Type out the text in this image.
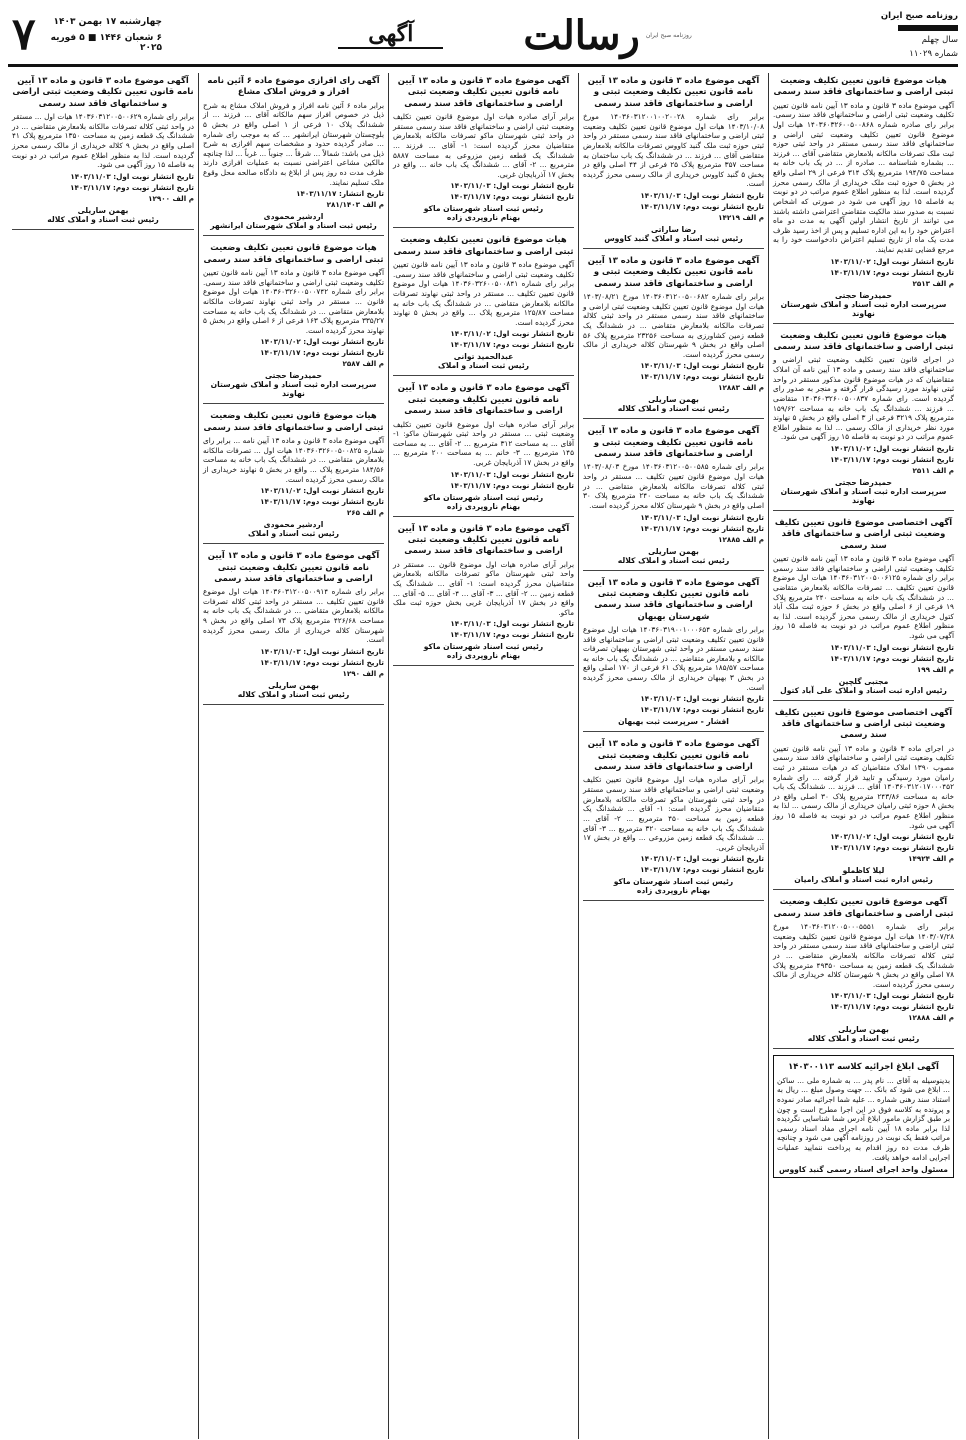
۷	چهارشنبه ۱۷ بهمن ۱۴۰۳
۶ شعبان ۱۴۴۶ ■ ۵ فوریه ۲۰۲۵
آگهی	رسالت روزنامه صبح ایران
روزنامه صبح ایران
سال چهلم
شماره ۱۱۰۲۹
هیات موضوع قانون تعیین تکلیف وضعیت ثبتی اراضی و ساختمانهای فاقد سند رسمی
آگهی موضوع ماده ۳ قانون و ماده ۱۳ آیین نامه قانون تعیین تکلیف وضعیت ثبتی اراضی و ساختمانهای فاقد سند رسمی. برابر رای صادره شماره ۱۴۰۳۶۰۳۲۶۰۰۵۰۰۸۶۸ هیات اول موضوع قانون تعیین تکلیف وضعیت ثبتی اراضی و ساختمانهای فاقد سند رسمی مستقر در واحد ثبتی حوزه ثبت ملک تصرفات مالکانه بلامعارض متقاضی آقای ... فرزند ... بشماره شناسنامه ... صادره از ... در یک باب خانه به مساحت ۱۹۴/۷۵ مترمربع پلاک ۳۱۴ فرعی از ۲۹ اصلی واقع در بخش ۵ حوزه ثبت ملک خریداری از مالک رسمی محرز گردیده است. لذا به منظور اطلاع عموم مراتب در دو نوبت به فاصله ۱۵ روز آگهی می شود در صورتی که اشخاص نسبت به صدور سند مالکیت متقاضی اعتراضی داشته باشند می توانند از تاریخ انتشار اولین آگهی به مدت دو ماه اعتراض خود را به این اداره تسلیم و پس از اخذ رسید ظرف مدت یک ماه از تاریخ تسلیم اعتراض دادخواست خود را به مرجع قضایی تقدیم نمایند.
تاریخ انتشار نوبت اول: ۱۴۰۳/۱۱/۰۲
تاریخ انتشار نوبت دوم: ۱۴۰۳/۱۱/۱۷
م الف ۲۵۱۳
حمیدرضا حجتی
سرپرست اداره ثبت اسناد و املاک شهرستان نهاوند
هیات موضوع قانون تعیین تکلیف وضعیت ثبتی اراضی و ساختمانهای فاقد سند رسمی
در اجرای قانون تعیین تکلیف وضعیت ثبتی اراضی و ساختمانهای فاقد سند رسمی و ماده ۱۳ آیین نامه آن املاک متقاضیان که در هیات موضوع قانون مذکور مستقر در واحد ثبتی نهاوند مورد رسیدگی قرار گرفته و منجر به صدور رای گردیده است. رای شماره ۱۴۰۳۶۰۳۲۶۰۰۵۰۰۸۳۷ متقاضی ... فرزند ... ششدانگ یک باب خانه به مساحت ۱۵۹/۶۲ مترمربع پلاک ۳۲۱۹ فرعی از ۳ اصلی واقع در بخش ۵ نهاوند مورد نظر خریداری از مالک رسمی ... لذا به منظور اطلاع عموم مراتب در دو نوبت به فاصله ۱۵ روز آگهی می شود.
تاریخ انتشار نوبت اول: ۱۴۰۳/۱۱/۰۲
تاریخ انتشار نوبت دوم: ۱۴۰۳/۱۱/۱۷
م الف ۲۵۱۱
حمیدرضا حجتی
سرپرست اداره ثبت اسناد و املاک شهرستان نهاوند
آگهی اختصاصی موضوع قانون تعیین تکلیف وضعیت ثبتی اراضی و ساختمانهای فاقد سند رسمی
آگهی موضوع ماده ۳ قانون و ماده ۱۳ آیین نامه قانون تعیین تکلیف وضعیت ثبتی اراضی و ساختمانهای فاقد سند رسمی برابر رای شماره ۱۴۰۳۶۰۳۱۲۰۰۵۰۰۶۱۲۵ هیات اول موضوع قانون تعیین تکلیف ... تصرفات مالکانه بلامعارض متقاضی ... در ششدانگ یک باب خانه به مساحت ۲۴۰ مترمربع پلاک ۱۹ فرعی از ۶ اصلی واقع در بخش ۶ حوزه ثبت ملک آباد کتول خریداری از مالک رسمی محرز گردیده است. لذا به منظور اطلاع عموم مراتب در دو نوبت به فاصله ۱۵ روز آگهی می شود.
تاریخ انتشار نوبت اول: ۱۴۰۳/۱۱/۰۳
تاریخ انتشار نوبت دوم: ۱۴۰۳/۱۱/۱۷
م الف ۱۹۹
مجتبی گلچین
رئیس اداره ثبت اسناد و املاک علی آباد کتول
آگهی اختصاصی موضوع قانون تعیین تکلیف وضعیت ثبتی اراضی و ساختمانهای فاقد سند رسمی
در اجرای ماده ۳ قانون و ماده ۱۳ آیین نامه قانون تعیین تکلیف وضعیت ثبتی اراضی و ساختمانهای فاقد سند رسمی مصوب ۱۳۹۰ املاک متقاضیان که در هیات مستقر در ثبت رامیان مورد رسیدگی و تایید قرار گرفته ... رای شماره ۱۴۰۳۶۰۳۱۲۰۱۷۰۰۰۴۵۲ آقای ... فرزند ... ششدانگ یک باب خانه به مساحت ۲۴۳/۸۶ مترمربع پلاک ۳۰ اصلی واقع در بخش ۸ حوزه ثبتی رامیان خریداری از مالک رسمی ... لذا به منظور اطلاع عموم مراتب در دو نوبت به فاصله ۱۵ روز آگهی می شود.
تاریخ انتشار نوبت اول: ۱۴۰۳/۱۱/۰۲
تاریخ انتشار نوبت دوم: ۱۴۰۳/۱۱/۱۷
م الف ۱۴۹۲۴
لیلا کاظملو
رئیس اداره ثبت اسناد و املاک رامیان
آگهی موضوع قانون تعیین تکلیف وضعیت ثبتی اراضی و ساختمانهای فاقد سند رسمی
برابر رای شماره ۱۴۰۳۶۰۳۱۲۰۰۵۰۰۰۵۵۵۱ مورخ ۱۴۰۳/۰۷/۲۸ هیات اول موضوع قانون تعیین تکلیف وضعیت ثبتی اراضی و ساختمانهای فاقد سند رسمی مستقر در واحد ثبتی کلاله تصرفات مالکانه بلامعارض متقاضی ... در ششدانگ یک قطعه زمین به مساحت ۴۹۳۵۰ مترمربع پلاک ۷۸ اصلی واقع در بخش ۹ شهرستان کلاله خریداری از مالک رسمی محرز گردیده است.
تاریخ انتشار نوبت اول: ۱۴۰۳/۱۱/۰۳
تاریخ انتشار نوبت دوم: ۱۴۰۳/۱۱/۱۷
م الف ۱۲۸۸۸
بهمن ساریلی
رئیس ثبت اسناد و املاک کلاله
آگهی ابلاغ اجرائیه کلاسه ۱۴۰۳۰۰۱۱۳
بدینوسیله به آقای ... نام پدر ... به شماره ملی ... ساکن ... ابلاغ می شود که بانک ... جهت وصول مبلغ ... ریال به استناد سند رهنی شماره ... علیه شما اجرائیه صادر نموده و پرونده به کلاسه فوق در این اجرا مطرح است و چون بر طبق گزارش مامور ابلاغ آدرس شما شناسایی نگردیده لذا برابر ماده ۱۸ آیین نامه اجرای مفاد اسناد رسمی مراتب فقط یک نوبت در روزنامه آگهی می شود و چنانچه ظرف مدت ده روز اقدام به پرداخت ننمایید عملیات اجرایی ادامه خواهد یافت.
مسئول واحد اجرای اسناد رسمی گنبد کاووس
آگهی موضوع ماده ۳ قانون و ماده ۱۳ آیین نامه قانون تعیین تکلیف وضعیت ثبتی و اراضی و ساختمانهای فاقد سند رسمی
برابر رای شماره ۱۴۰۳۶۰۳۱۲۰۰۱۰۰۲۰۰۲۸ مورخ ۱۴۰۳/۱۰/۰۸ هیات اول موضوع قانون تعیین تکلیف وضعیت ثبتی اراضی و ساختمانهای فاقد سند رسمی مستقر در واحد ثبتی حوزه ثبت ملک گنبد کاووس تصرفات مالکانه بلامعارض متقاضی آقای ... فرزند ... در ششدانگ یک باب ساختمان به مساحت ۳۵۷ مترمربع پلاک ۲۵ فرعی از ۴۴ اصلی واقع در بخش ۵ گنبد کاووس خریداری از مالک رسمی محرز گردیده است.
تاریخ انتشار نوبت اول: ۱۴۰۳/۱۱/۰۳
تاریخ انتشار نوبت دوم: ۱۴۰۳/۱۱/۱۷
م الف ۱۴۲۱۹
رضا ساراتی
رئیس ثبت اسناد و املاک گنبد کاووس
آگهی موضوع ماده ۳ قانون و ماده ۱۳ آیین نامه قانون تعیین تکلیف وضعیت ثبتی و اراضی و ساختمانهای فاقد سند رسمی
برابر رای شماره ۱۴۰۳۶۰۳۱۲۰۰۵۰۰۶۸۲ مورخ ۱۴۰۳/۰۸/۲۱ هیات اول موضوع قانون تعیین تکلیف وضعیت ثبتی اراضی و ساختمانهای فاقد سند رسمی مستقر در واحد ثبتی کلاله تصرفات مالکانه بلامعارض متقاضی ... در ششدانگ یک قطعه زمین کشاورزی به مساحت ۲۳۲۵۶ مترمربع پلاک ۵۶ اصلی واقع در بخش ۹ شهرستان کلاله خریداری از مالک رسمی محرز گردیده است.
تاریخ انتشار نوبت اول: ۱۴۰۳/۱۱/۰۳
تاریخ انتشار نوبت دوم: ۱۴۰۳/۱۱/۱۷
م الف ۱۲۸۸۳
بهمن ساریلی
رئیس ثبت اسناد و املاک کلاله
آگهی موضوع ماده ۳ قانون و ماده ۱۳ آیین نامه قانون تعیین تکلیف وضعیت ثبتی و اراضی و ساختمانهای فاقد سند رسمی
برابر رای شماره ۱۴۰۳۶۰۳۱۲۰۰۵۰۰۵۸۵ مورخ ۱۴۰۳/۰۸/۰۳ هیات اول موضوع قانون تعیین تکلیف ... مستقر در واحد ثبتی کلاله تصرفات مالکانه بلامعارض متقاضی ... در ششدانگ یک باب خانه به مساحت ۲۴۰ مترمربع پلاک ۳۰ اصلی واقع در بخش ۹ شهرستان کلاله محرز گردیده است.
تاریخ انتشار نوبت اول: ۱۴۰۳/۱۱/۰۳
تاریخ انتشار نوبت دوم: ۱۴۰۳/۱۱/۱۷
م الف ۱۲۸۸۵
بهمن ساریلی
رئیس ثبت اسناد و املاک کلاله
آگهی موضوع ماده ۳ قانون و ماده ۱۳ آیین نامه قانون تعیین تکلیف وضعیت ثبتی اراضی و ساختمانهای فاقد سند رسمی شهرستان بهبهان
برابر رای شماره ۱۴۰۳۶۰۳۱۹۰۰۱۰۰۰۶۵۴ هیات اول موضوع قانون تعیین تکلیف وضعیت ثبتی اراضی و ساختمانهای فاقد سند رسمی مستقر در واحد ثبتی شهرستان بهبهان تصرفات مالکانه و بلامعارض متقاضی ... در ششدانگ یک باب خانه به مساحت ۱۸۵/۵۷ مترمربع پلاک ۶۱ فرعی از ۱۷۰ اصلی واقع در بخش ۳ بهبهان خریداری از مالک رسمی محرز گردیده است.
تاریخ انتشار نوبت اول: ۱۴۰۳/۱۱/۰۳
تاریخ انتشار نوبت دوم: ۱۴۰۳/۱۱/۱۷
افشار - سرپرست ثبت بهبهان
آگهی موضوع ماده ۳ قانون و ماده ۱۳ آیین نامه قانون تعیین تکلیف وضعیت ثبتی اراضی و ساختمانهای فاقد سند رسمی
برابر آرای صادره هیات اول موضوع قانون تعیین تکلیف وضعیت ثبتی اراضی و ساختمانهای فاقد سند رسمی مستقر در واحد ثبتی شهرستان ماکو تصرفات مالکانه بلامعارض متقاضیان محرز گردیده است: ۱- آقای ... ششدانگ یک قطعه زمین به مساحت ۴۵۰ مترمربع ... ۲- آقای ... ششدانگ یک باب خانه به مساحت ۳۲۰ مترمربع ... ۳- آقای ... ششدانگ یک قطعه زمین مزروعی ... واقع در بخش ۱۷ آذربایجان غربی.
تاریخ انتشار نوبت اول: ۱۴۰۳/۱۱/۰۳
تاریخ انتشار نوبت دوم: ۱۴۰۳/۱۱/۱۷
رئیس ثبت اسناد شهرستان ماکو
بهنام ناروپردی زاده
آگهی موضوع ماده ۳ قانون و ماده ۱۳ آیین نامه قانون تعیین تکلیف وضعیت ثبتی اراضی و ساختمانهای فاقد سند رسمی
برابر آرای صادره هیات اول موضوع قانون تعیین تکلیف وضعیت ثبتی اراضی و ساختمانهای فاقد سند رسمی مستقر در واحد ثبتی شهرستان ماکو تصرفات مالکانه بلامعارض متقاضیان محرز گردیده است: ۱- آقای ... فرزند ... ششدانگ یک قطعه زمین مزروعی به مساحت ۵۸۸۷ مترمربع ... ۲- آقای ... ششدانگ یک باب خانه ... واقع در بخش ۱۷ آذربایجان غربی.
تاریخ انتشار نوبت اول: ۱۴۰۳/۱۱/۰۳
تاریخ انتشار نوبت دوم: ۱۴۰۳/۱۱/۱۷
رئیس ثبت اسناد شهرستان ماکو
بهنام ناروپردی زاده
هیات موضوع قانون تعیین تکلیف وضعیت ثبتی اراضی و ساختمانهای فاقد سند رسمی
آگهی موضوع ماده ۳ قانون و ماده ۱۳ آیین نامه قانون تعیین تکلیف وضعیت ثبتی اراضی و ساختمانهای فاقد سند رسمی. برابر رای شماره ۱۴۰۳۶۰۳۲۶۰۰۵۰۰۸۴۱ هیات اول موضوع قانون تعیین تکلیف ... مستقر در واحد ثبتی نهاوند تصرفات مالکانه بلامعارض متقاضی ... در ششدانگ یک باب خانه به مساحت ۱۲۵/۸۷ مترمربع پلاک ... واقع در بخش ۵ نهاوند محرز گردیده است.
تاریخ انتشار نوبت اول: ۱۴۰۳/۱۱/۰۲
تاریخ انتشار نوبت دوم: ۱۴۰۳/۱۱/۱۷
عبدالحمید توانی
رئیس ثبت اسناد و املاک
آگهی موضوع ماده ۳ قانون و ماده ۱۳ آیین نامه قانون تعیین تکلیف وضعیت ثبتی اراضی و ساختمانهای فاقد سند رسمی
برابر آرای صادره هیات اول موضوع قانون تعیین تکلیف وضعیت ثبتی ... مستقر در واحد ثبتی شهرستان ماکو: ۱- آقای ... به مساحت ۳۱۲ مترمربع ... ۲- آقای ... به مساحت ۱۴۵ مترمربع ... ۳- خانم ... به مساحت ۲۰۰ مترمربع ... واقع در بخش ۱۷ آذربایجان غربی.
تاریخ انتشار نوبت اول: ۱۴۰۳/۱۱/۰۳
تاریخ انتشار نوبت دوم: ۱۴۰۳/۱۱/۱۷
رئیس ثبت اسناد شهرستان ماکو
بهنام ناروپردی زاده
آگهی موضوع ماده ۳ قانون و ماده ۱۳ آیین نامه قانون تعیین تکلیف وضعیت ثبتی اراضی و ساختمانهای فاقد سند رسمی
برابر آرای صادره هیات اول موضوع قانون ... مستقر در واحد ثبتی شهرستان ماکو تصرفات مالکانه بلامعارض متقاضیان محرز گردیده است: ۱- آقای ... ششدانگ یک قطعه زمین ... ۲- آقای ... ۳- آقای ... ۴- آقای ... ۵- آقای ... واقع در بخش ۱۷ آذربایجان غربی بخش حوزه ثبت ملک ماکو.
تاریخ انتشار نوبت اول: ۱۴۰۳/۱۱/۰۳
تاریخ انتشار نوبت دوم: ۱۴۰۳/۱۱/۱۷
رئیس ثبت اسناد شهرستان ماکو
بهنام ناروپردی زاده
آگهی رای افرازی موضوع ماده ۶ آئین نامه افراز و فروش املاک مشاع
برابر ماده ۶ آئین نامه افراز و فروش املاک مشاع به شرح ذیل در خصوص افراز سهم مالکانه آقای ... فرزند ... از ششدانگ پلاک ۱۰ فرعی از ۱ اصلی واقع در بخش ۵ بلوچستان شهرستان ایرانشهر ... که به موجب رای شماره ... صادر گردیده حدود و مشخصات سهم افرازی به شرح ذیل می باشد: شمالاً ... شرقاً ... جنوباً ... غرباً ... لذا چنانچه مالکین مشاعی اعتراضی نسبت به عملیات افرازی دارند ظرف مدت ده روز پس از ابلاغ به دادگاه صالحه محل وقوع ملک تسلیم نمایند.
تاریخ انتشار: ۱۴۰۳/۱۱/۱۷
م الف ۲۸۱/۱۴۰۳
اردشیر محمودی
رئیس ثبت اسناد و املاک شهرستان ایرانشهر
هیات موضوع قانون تعیین تکلیف وضعیت ثبتی اراضی و ساختمانهای فاقد سند رسمی
آگهی موضوع ماده ۳ قانون و ماده ۱۳ آیین نامه قانون تعیین تکلیف وضعیت ثبتی اراضی و ساختمانهای فاقد سند رسمی. برابر رای شماره ۱۴۰۳۶۰۳۲۶۰۰۵۰۰۷۴۲ هیات اول موضوع قانون ... مستقر در واحد ثبتی نهاوند تصرفات مالکانه بلامعارض متقاضی ... در ششدانگ یک باب خانه به مساحت ۳۳۵/۲۷ مترمربع پلاک ۱۶۳ فرعی از ۶ اصلی واقع در بخش ۵ نهاوند محرز گردیده است.
تاریخ انتشار نوبت اول: ۱۴۰۳/۱۱/۰۲
تاریخ انتشار نوبت دوم: ۱۴۰۳/۱۱/۱۷
م الف ۲۵۸۷
حمیدرضا حجتی
سرپرست اداره ثبت اسناد و املاک شهرستان نهاوند
هیات موضوع قانون تعیین تکلیف وضعیت ثبتی اراضی و ساختمانهای فاقد سند رسمی
آگهی موضوع ماده ۳ قانون و ماده ۱۳ آیین نامه ... برابر رای شماره ۱۴۰۳۶۰۳۲۶۰۰۵۰۰۸۲۵ هیات اول ... تصرفات مالکانه بلامعارض متقاضی ... در ششدانگ یک باب خانه به مساحت ۱۸۴/۵۶ مترمربع پلاک ... واقع در بخش ۵ نهاوند خریداری از مالک رسمی محرز گردیده است.
تاریخ انتشار نوبت اول: ۱۴۰۳/۱۱/۰۲
تاریخ انتشار نوبت دوم: ۱۴۰۳/۱۱/۱۷
م الف ۲۶۵
اردشیر محمودی
رئیس ثبت اسناد و املاک
آگهی موضوع ماده ۳ قانون و ماده ۱۳ آیین نامه قانون تعیین تکلیف وضعیت ثبتی اراضی و ساختمانهای فاقد سند رسمی
برابر رای شماره ۱۴۰۳۶۰۳۱۲۰۰۵۰۰۹۱۴ هیات اول موضوع قانون تعیین تکلیف ... مستقر در واحد ثبتی کلاله تصرفات مالکانه بلامعارض متقاضی ... در ششدانگ یک باب خانه به مساحت ۴۲۶/۶۸ مترمربع پلاک ۷۳ اصلی واقع در بخش ۹ شهرستان کلاله خریداری از مالک رسمی محرز گردیده است.
تاریخ انتشار نوبت اول: ۱۴۰۳/۱۱/۰۳
تاریخ انتشار نوبت دوم: ۱۴۰۳/۱۱/۱۷
م الف ۱۲۹۰
بهمن ساریلی
رئیس ثبت اسناد و املاک کلاله
آگهی موضوع ماده ۳ قانون و ماده ۱۳ آیین نامه قانون تعیین تکلیف وضعیت ثبتی اراضی و ساختمانهای فاقد سند رسمی
برابر رای شماره ۱۴۰۳۶۰۳۱۲۰۰۵۰۰۶۲۹ هیات اول ... مستقر در واحد ثبتی کلاله تصرفات مالکانه بلامعارض متقاضی ... در ششدانگ یک قطعه زمین به مساحت ۱۳۵۰ مترمربع پلاک ۴۱ اصلی واقع در بخش ۹ کلاله خریداری از مالک رسمی محرز گردیده است. لذا به منظور اطلاع عموم مراتب در دو نوبت به فاصله ۱۵ روز آگهی می شود.
تاریخ انتشار نوبت اول: ۱۴۰۳/۱۱/۰۳
تاریخ انتشار نوبت دوم: ۱۴۰۳/۱۱/۱۷
م الف ۱۲۹۰۰
بهمن ساریلی
رئیس ثبت اسناد و املاک کلاله
